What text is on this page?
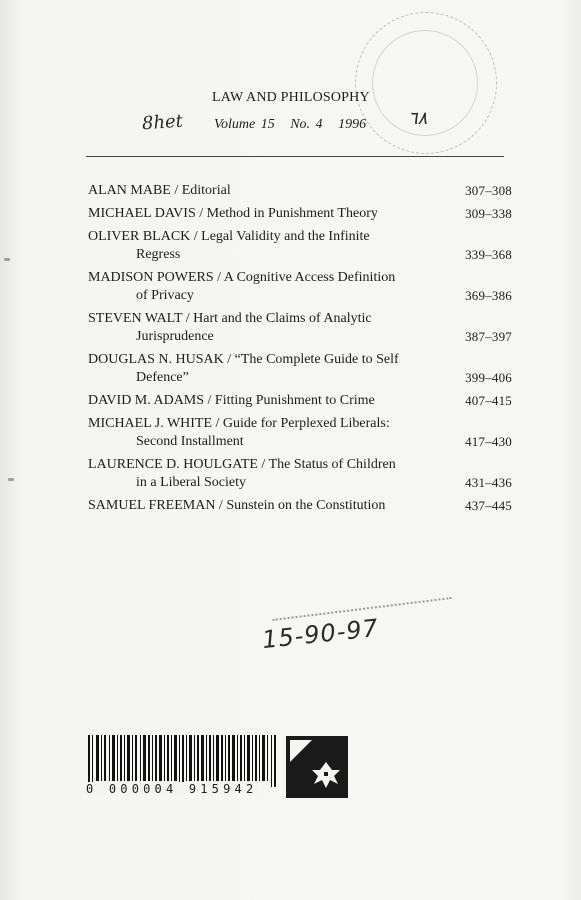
LAW AND PHILOSOPHY
8het Volume 15 No. 4 1996	٦٨
ALAN MABE / Editorial	307–308
MICHAEL DAVIS / Method in Punishment Theory	309–338
OLIVER BLACK / Legal Validity and the Infinite
Regress	339–368
MADISON POWERS / A Cognitive Access Definition
of Privacy	369–386
STEVEN WALT / Hart and the Claims of Analytic
Jurisprudence	387–397
DOUGLAS N. HUSAK / “The Complete Guide to Self
Defence”	399–406
DAVID M. ADAMS / Fitting Punishment to Crime	407–415
MICHAEL J. WHITE / Guide for Perplexed Liberals:
Second Installment	417–430
LAURENCE D. HOULGATE / The Status of Children
in a Liberal Society	431–436
SAMUEL FREEMAN / Sunstein on the Constitution	437–445
15-90-97
0 000004 915942
